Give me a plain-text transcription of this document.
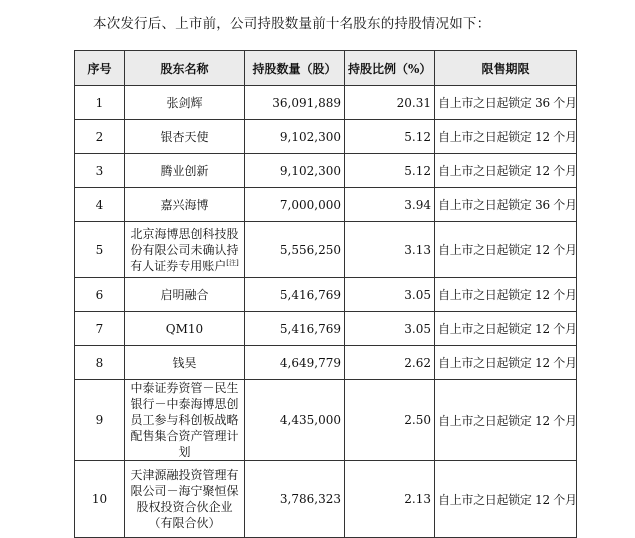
本次发行后、上市前，公司持股数量前十名股东的持股情况如下：
序号	股东名称	持股数量（股）	持股比例（%）	限售期限
1	张剑辉	36,091,889	20.31	自上市之日起锁定 36 个月
2	银杏天使	9,102,300	5.12	自上市之日起锁定 12 个月
3	腾业创新	9,102,300	5.12	自上市之日起锁定 12 个月
4	嘉兴海博	7,000,000	3.94	自上市之日起锁定 36 个月
5	北京海博思创科技股份有限公司未确认持有人证券专用账户[注]	5,556,250	3.13	自上市之日起锁定 12 个月
6	启明融合	5,416,769	3.05	自上市之日起锁定 12 个月
7	QM10	5,416,769	3.05	自上市之日起锁定 12 个月
8	钱昊	4,649,779	2.62	自上市之日起锁定 12 个月
9	中泰证券资管－民生银行－中泰海博思创员工参与科创板战略配售集合资产管理计划	4,435,000	2.50	自上市之日起锁定 12 个月
10	天津源融投资管理有限公司－海宁聚恒保股权投资合伙企业（有限合伙）	3,786,323	2.13	自上市之日起锁定 12 个月
